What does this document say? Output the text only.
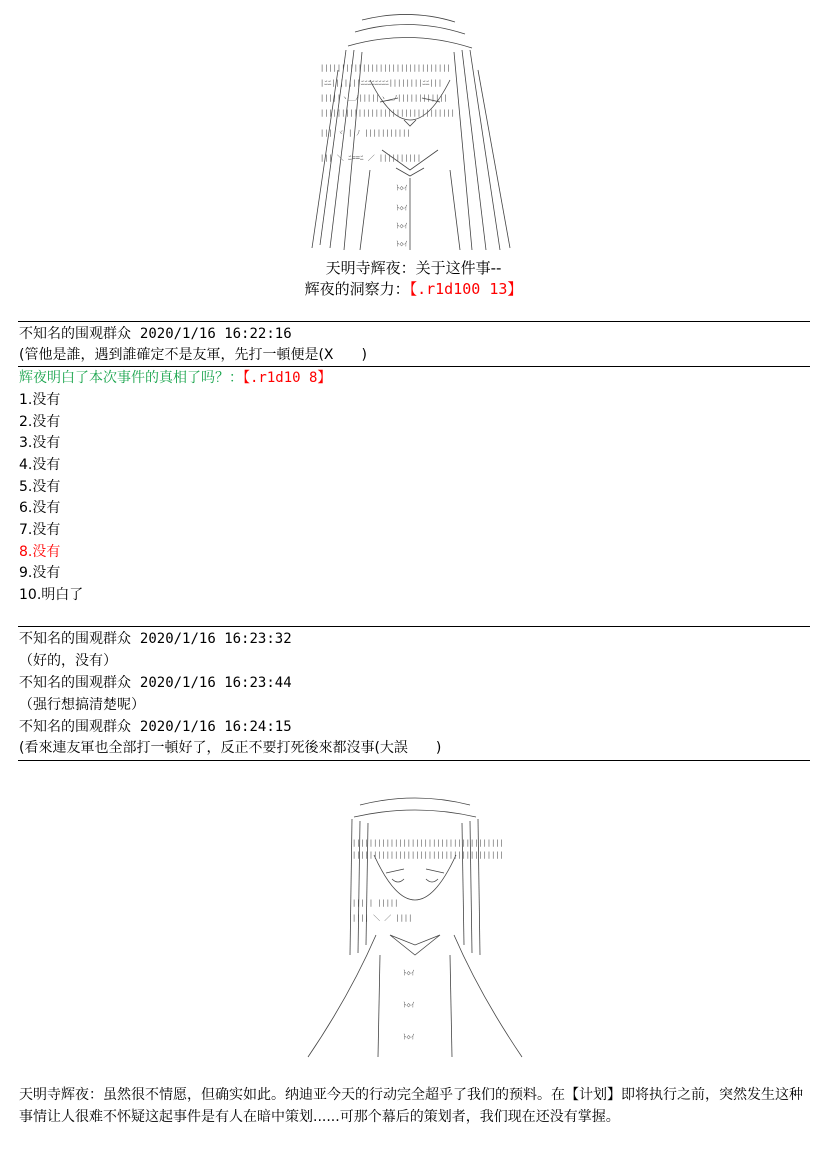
|||||||||||||||||||||||||||||||
|ﾆﾆ|||||||ﾆﾆﾆﾆﾆﾆﾆﾆ||||||||ﾆﾆ|||
|||||ヽ＿ﾉ|||||ヽ＿ﾉ||||||||||||
||||||||||||||||||||||||||||||||
||| ヾ | ﾉ |||||||||||
||| ＼ ﾆ==ﾆ ／ ||||||||||
ﾄ◇ｲ
ﾄ◇ｲ
ﾄ◇ｲ
ﾄ◇ｲ
天明寺辉夜：关于这件事--
辉夜的洞察力：【.r1d100 13】
不知名的围观群众 2020/1/16 16:22:16
(管他是誰，遇到誰確定不是友軍，先打一頓便是(X　　)
辉夜明白了本次事件的真相了吗？：【.r1d10 8】
1.没有
2.没有
3.没有
4.没有
5.没有
6.没有
7.没有
8.没有
9.没有
10.明白了
不知名的围观群众 2020/1/16 16:23:32
（好的，没有）
不知名的围观群众 2020/1/16 16:23:44
（强行想搞清楚呢）
不知名的围观群众 2020/1/16 16:24:15
(看來連友軍也全部打一頓好了，反正不要打死後來都沒事(大誤　　)
||||||||||||||||||||||||||||||||||||
||||||||||||||||||||||||||||||||||||
||||| |||||
|||| ＼ ／ ||||
ﾄ◇ｲ
ﾄ◇ｲ
ﾄ◇ｲ
天明寺辉夜：虽然很不情愿，但确实如此。纳迪亚今天的行动完全超乎了我们的预料。在【计划】即将执行之前，突然发生这种事情让人很难不怀疑这起事件是有人在暗中策划......可那个幕后的策划者，我们现在还没有掌握。
